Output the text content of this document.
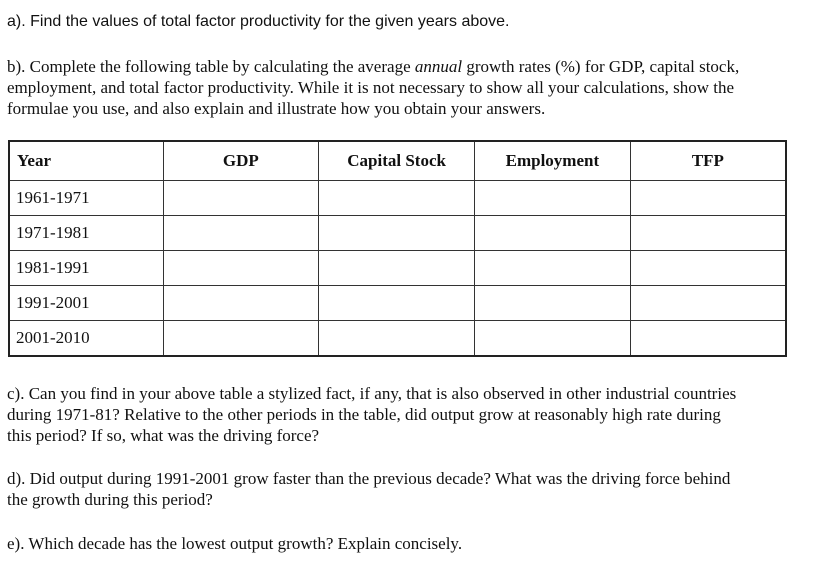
a). Find the values of total factor productivity for the given years above.

b). Complete the following table by calculating the average annual growth rates (%) for GDP, capital stock,
employment, and total factor productivity. While it is not necessary to show all your calculations, show the
formulae you use, and also explain and illustrate how you obtain your answers.

Year	GDP	Capital Stock	Employment	TFP
1961-1971				
1971-1981				
1981-1991				
1991-2001				
2001-2010				

c). Can you find in your above table a stylized fact, if any, that is also observed in other industrial countries
during 1971-81? Relative to the other periods in the table, did output grow at reasonably high rate during
this period? If so, what was the driving force?

d). Did output during 1991-2001 grow faster than the previous decade? What was the driving force behind
the growth during this period?

e). Which decade has the lowest output growth? Explain concisely.
